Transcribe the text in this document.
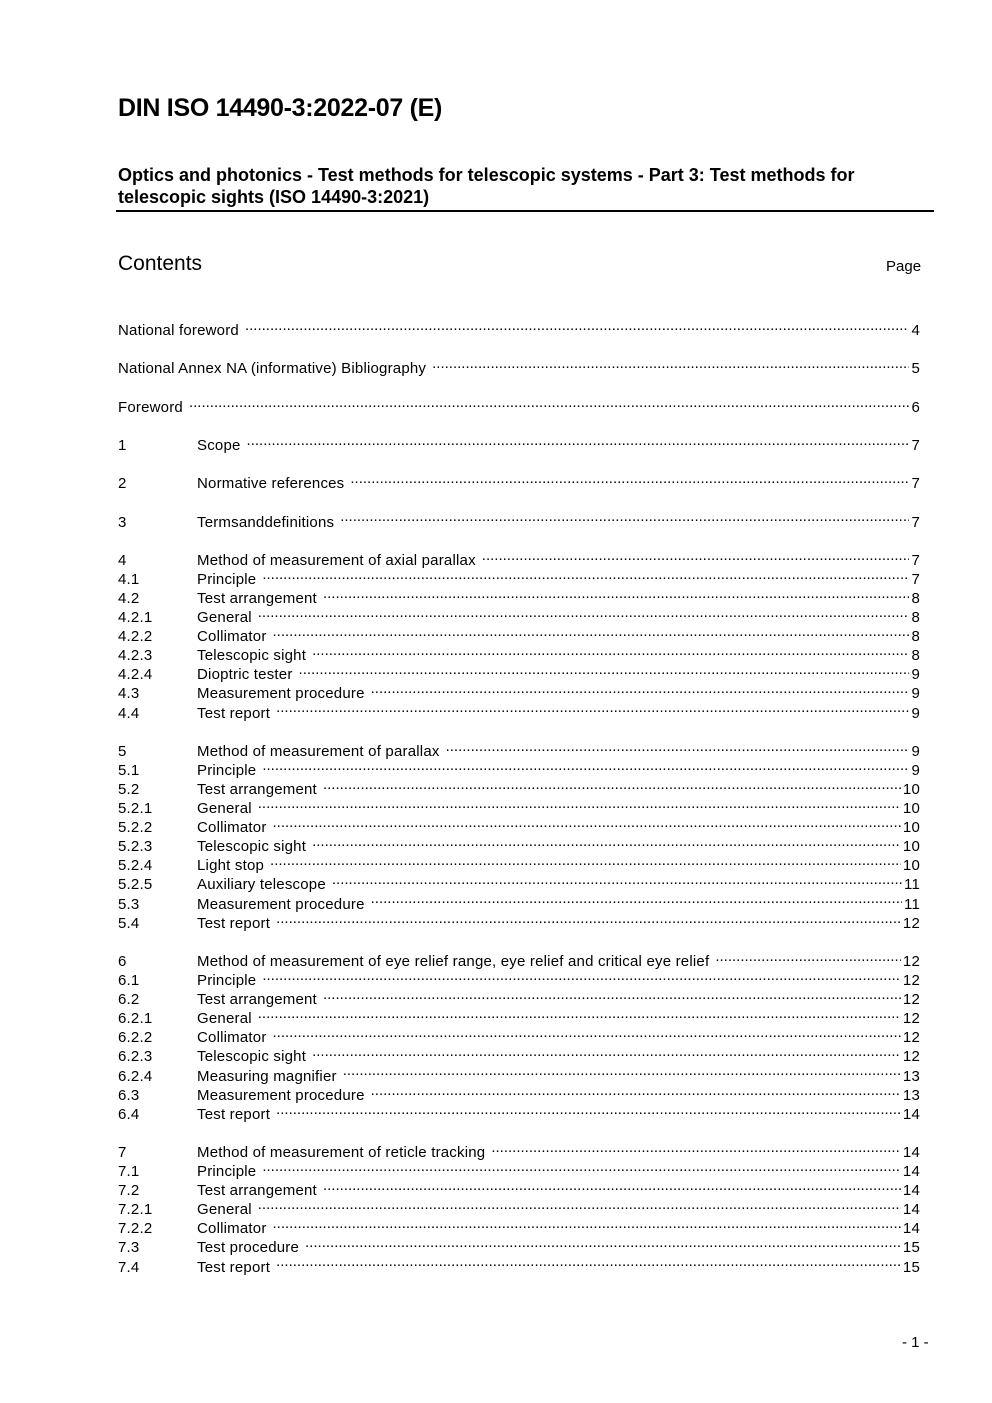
DIN ISO 14490-3:2022-07 (E)
Optics and photonics - Test methods for telescopic systems - Part 3: Test methods for telescopic sights (ISO 14490-3:2021)
Contents	Page
National foreword .....	4
National Annex NA (informative) Bibliography .....	5
Foreword .....	6
1	Scope .....	7
2	Normative references .....	7
3	Termsanddefinitions .....	7
4	Method of measurement of axial parallax .....	7
4.1	Principle .....	7
4.2	Test arrangement .....	8
4.2.1	General .....	8
4.2.2	Collimator .....	8
4.2.3	Telescopic sight .....	8
4.2.4	Dioptric tester .....	9
4.3	Measurement procedure .....	9
4.4	Test report .....	9
5	Method of measurement of parallax .....	9
5.1	Principle .....	9
5.2	Test arrangement .....	10
5.2.1	General .....	10
5.2.2	Collimator .....	10
5.2.3	Telescopic sight .....	10
5.2.4	Light stop .....	10
5.2.5	Auxiliary telescope .....	11
5.3	Measurement procedure .....	11
5.4	Test report .....	12
6	Method of measurement of eye relief range, eye relief and critical eye relief .....	12
6.1	Principle .....	12
6.2	Test arrangement .....	12
6.2.1	General .....	12
6.2.2	Collimator .....	12
6.2.3	Telescopic sight .....	12
6.2.4	Measuring magnifier .....	13
6.3	Measurement procedure .....	13
6.4	Test report .....	14
7	Method of measurement of reticle tracking .....	14
7.1	Principle .....	14
7.2	Test arrangement .....	14
7.2.1	General .....	14
7.2.2	Collimator .....	14
7.3	Test procedure .....	15
7.4	Test report .....	15
- 1 -
